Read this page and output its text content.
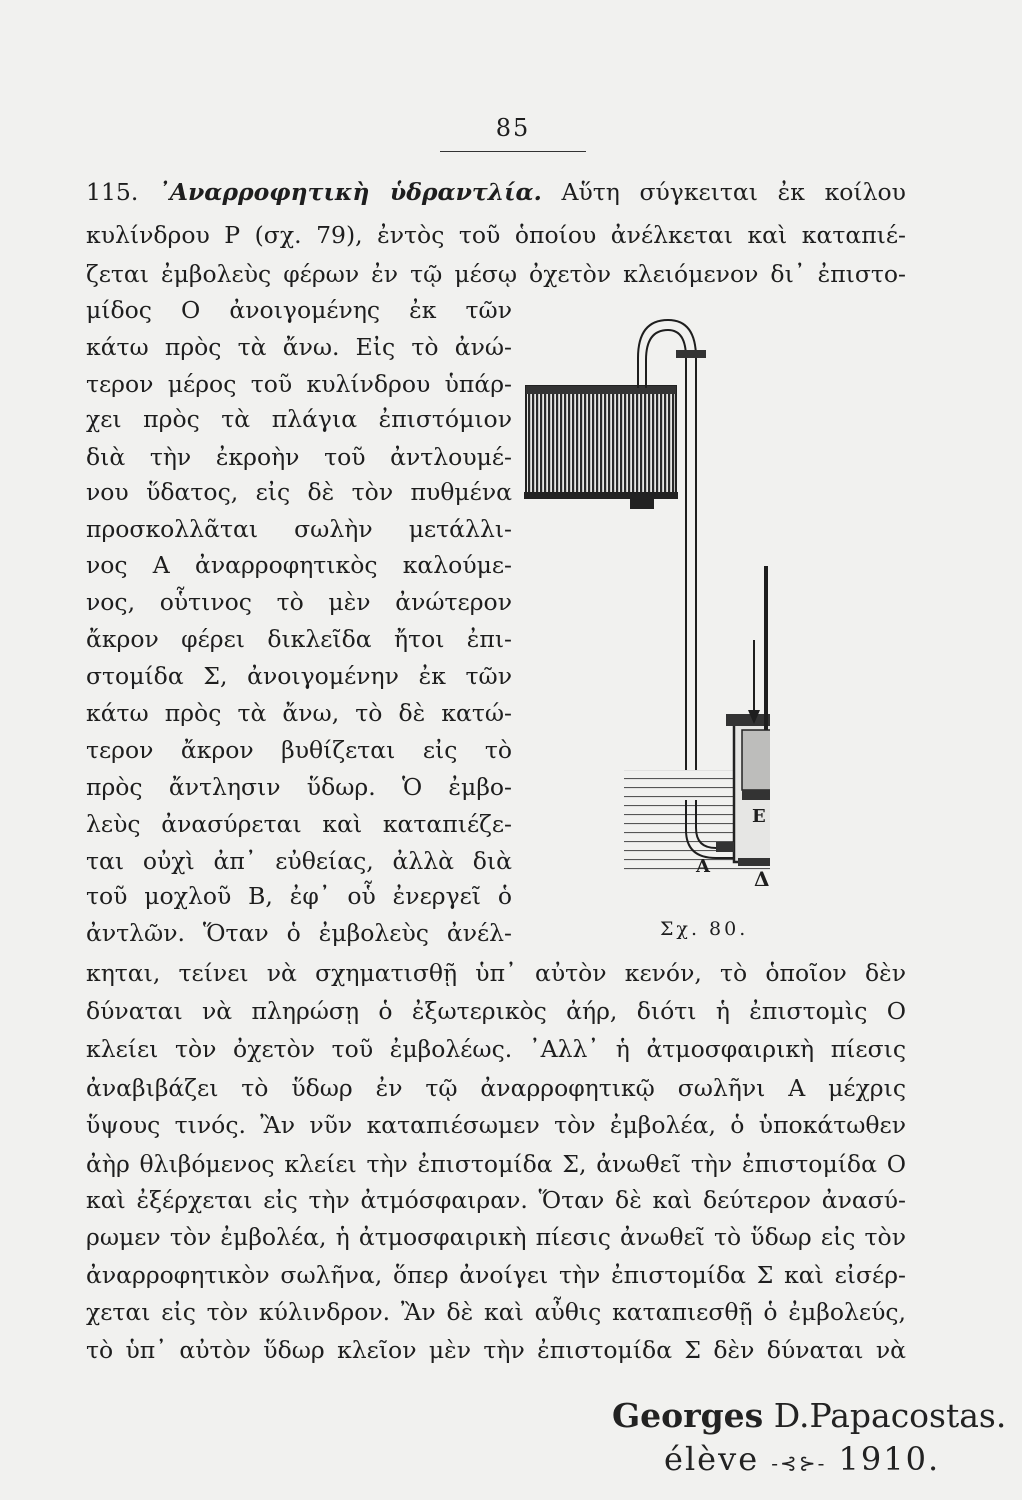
85
115. ᾿Αναρροφητικὴ ὑδραντλία. Αὕτη σύγκειται ἐκ κοίλου
κυλίνδρου Ρ (σχ. 79), ἐντὸς τοῦ ὁποίου ἀνέλκεται καὶ καταπιέ-
ζεται ἐμβολεὺς φέρων ἐν τῷ μέσῳ ὀχετὸν κλειόμενον δι᾿ ἐπιστο-
μίδος Ο ἀνοιγομένης ἐκ τῶν
κάτω πρὸς τὰ ἄνω. Εἰς τὸ ἀνώ-
τερον μέρος τοῦ κυλίνδρου ὑπάρ-
χει πρὸς τὰ πλάγια ἐπιστόμιον
διὰ τὴν ἐκροὴν τοῦ ἀντλουμέ-
νου ὕδατος, εἰς δὲ τὸν πυθμένα
προσκολλᾶται σωλὴν μετάλλι-
νος Α ἀναρροφητικὸς καλούμε-
νος, οὗτινος τὸ μὲν ἀνώτερον
ἄκρον φέρει δικλεῖδα ἤτοι ἐπι-
στομίδα Σ, ἀνοιγομένην ἐκ τῶν
κάτω πρὸς τὰ ἄνω, τὸ δὲ κατώ-
τερον ἄκρον βυθίζεται εἰς τὸ
πρὸς ἄντλησιν ὕδωρ. Ὁ ἐμβο-
λεὺς ἀνασύρεται καὶ καταπιέζε-
ται οὐχὶ ἀπ᾿ εὐθείας, ἀλλὰ διὰ
τοῦ μοχλοῦ Β, ἐφ᾿ οὗ ἐνεργεῖ ὁ
ἀντλῶν. Ὅταν ὁ ἐμβολεὺς ἀνέλ-
κηται, τείνει νὰ σχηματισθῇ ὑπ᾿ αὐτὸν κενόν, τὸ ὁποῖον δὲν
δύναται νὰ πληρώσῃ ὁ ἐξωτερικὸς ἀήρ, διότι ἡ ἐπιστομὶς Ο
κλείει τὸν ὀχετὸν τοῦ ἐμβολέως. ᾿Αλλ᾿ ἡ ἀτμοσφαιρικὴ πίεσις
ἀναβιβάζει τὸ ὕδωρ ἐν τῷ ἀναρροφητικῷ σωλῆνι Α μέχρις
ὕψους τινός. Ἂν νῦν καταπιέσωμεν τὸν ἐμβολέα, ὁ ὑποκάτωθεν
ἀὴρ θλιβόμενος κλείει τὴν ἐπιστομίδα Σ, ἀνωθεῖ τὴν ἐπιστομίδα Ο
καὶ ἐξέρχεται εἰς τὴν ἀτμόσφαιραν. Ὅταν δὲ καὶ δεύτερον ἀνασύ-
ρωμεν τὸν ἐμβολέα, ἡ ἀτμοσφαιρικὴ πίεσις ἀνωθεῖ τὸ ὕδωρ εἰς τὸν
ἀναρροφητικὸν σωλῆνα, ὅπερ ἀνοίγει τὴν ἐπιστομίδα Σ καὶ εἰσέρ-
χεται εἰς τὸν κύλινδρον. Ἂν δὲ καὶ αὖθις καταπιεσθῇ ὁ ἐμβολεύς,
τὸ ὑπ᾿ αὐτὸν ὕδωρ κλεῖον μὲν τὴν ἐπιστομίδα Σ δὲν δύναται νὰ
Α
Ε
Δ
Σχ. 80.
Georges D.Papacostas.
élève -⊰⊱- 1910.
